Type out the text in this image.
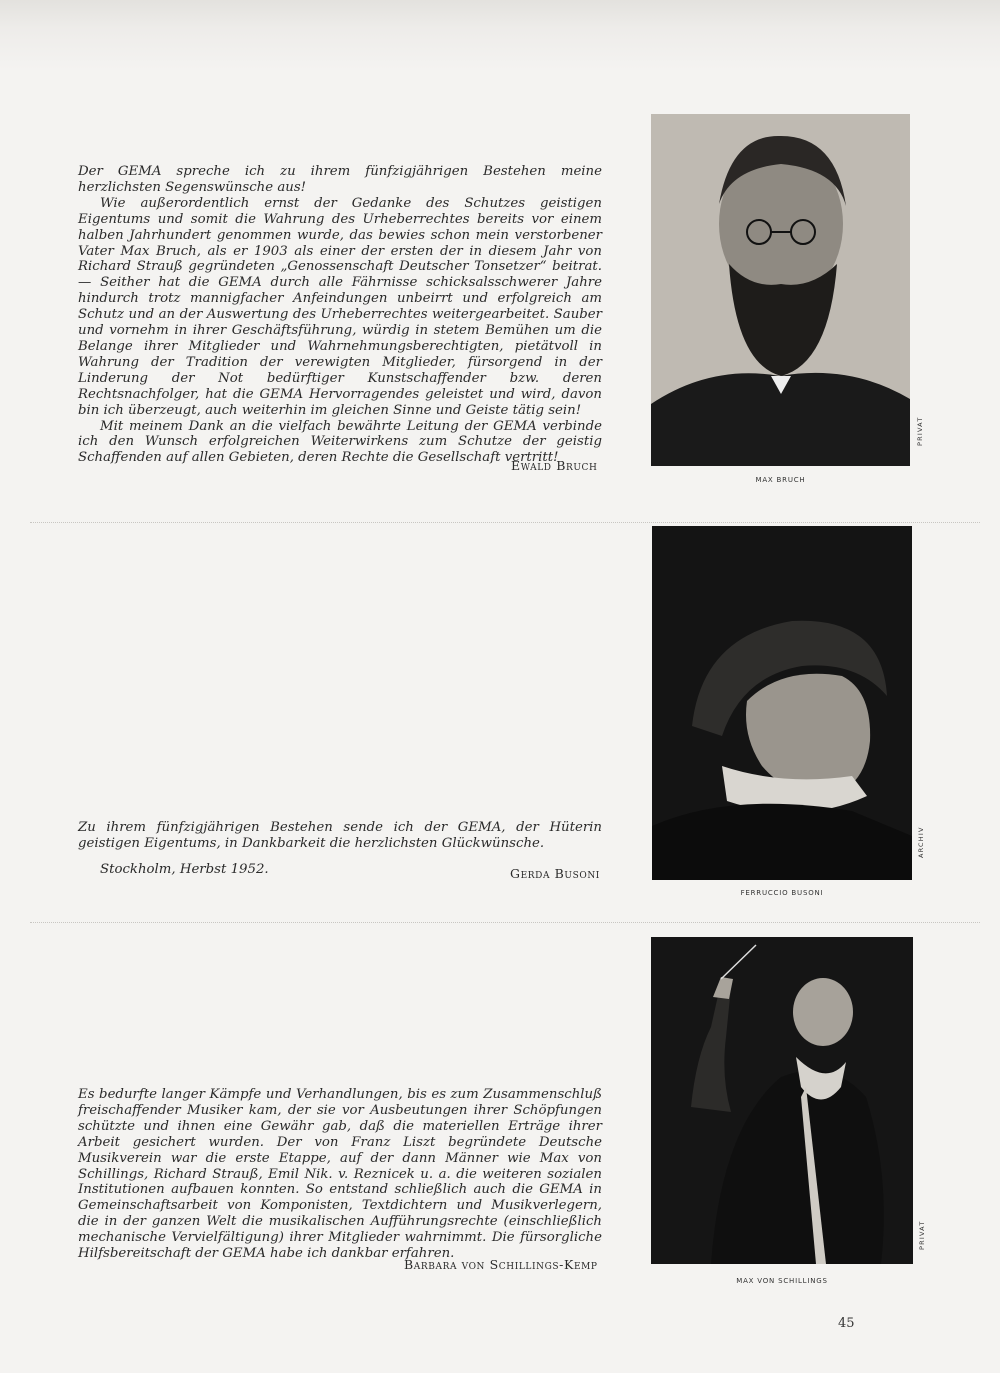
Der GEMA spreche ich zu ihrem fünfzigjährigen Bestehen meine herzlichsten Segenswünsche aus!

Wie außerordentlich ernst der Gedanke des Schutzes geistigen Eigentums und somit die Wahrung des Urheberrechtes bereits vor einem halben Jahrhundert genommen wurde, das bewies schon mein verstorbener Vater Max Bruch, als er 1903 als einer der ersten der in diesem Jahr von Richard Strauß gegründeten „Genossenschaft Deutscher Tonsetzer“ beitrat. — Seither hat die GEMA durch alle Fährnisse schicksalsschwerer Jahre hindurch trotz mannigfacher Anfeindungen unbeirrt und erfolgreich am Schutz und an der Auswertung des Urheberrechtes weitergearbeitet. Sauber und vornehm in ihrer Geschäftsführung, würdig in stetem Bemühen um die Belange ihrer Mitglieder und Wahrnehmungsberechtigten, pietätvoll in Wahrung der Tradition der verewigten Mitglieder, fürsorgend in der Linderung der Not bedürftiger Kunstschaffender bzw. deren Rechtsnachfolger, hat die GEMA Hervorragendes geleistet und wird, davon bin ich überzeugt, auch weiterhin im gleichen Sinne und Geiste tätig sein!

Mit meinem Dank an die vielfach bewährte Leitung der GEMA verbinde ich den Wunsch erfolgreichen Weiterwirkens zum Schutze der geistig Schaffenden auf allen Gebieten, deren Rechte die Gesellschaft vertritt!

Ewald Bruch
PRIVAT
MAX BRUCH
ARCHIV
FERRUCCIO BUSONI

Zu ihrem fünfzigjährigen Bestehen sende ich der GEMA, der Hüterin geistigen Eigentums, in Dankbarkeit die herzlichsten Glückwünsche.

Stockholm, Herbst 1952.	Gerda Busoni
PRIVAT
MAX VON SCHILLINGS

Es bedurfte langer Kämpfe und Verhandlungen, bis es zum Zusammenschluß freischaffender Musiker kam, der sie vor Ausbeutungen ihrer Schöpfungen schützte und ihnen eine Gewähr gab, daß die materiellen Erträge ihrer Arbeit gesichert wurden. Der von Franz Liszt begründete Deutsche Musikverein war die erste Etappe, auf der dann Männer wie Max von Schillings, Richard Strauß, Emil Nik. v. Reznicek u. a. die weiteren sozialen Institutionen aufbauen konnten. So entstand schließlich auch die GEMA in Gemeinschaftsarbeit von Komponisten, Textdichtern und Musikverlegern, die in der ganzen Welt die musikalischen Aufführungsrechte (einschließlich mechanische Vervielfältigung) ihrer Mitglieder wahrnimmt. Die fürsorgliche Hilfsbereitschaft der GEMA habe ich dankbar erfahren.

Barbara von Schillings-Kemp
45
